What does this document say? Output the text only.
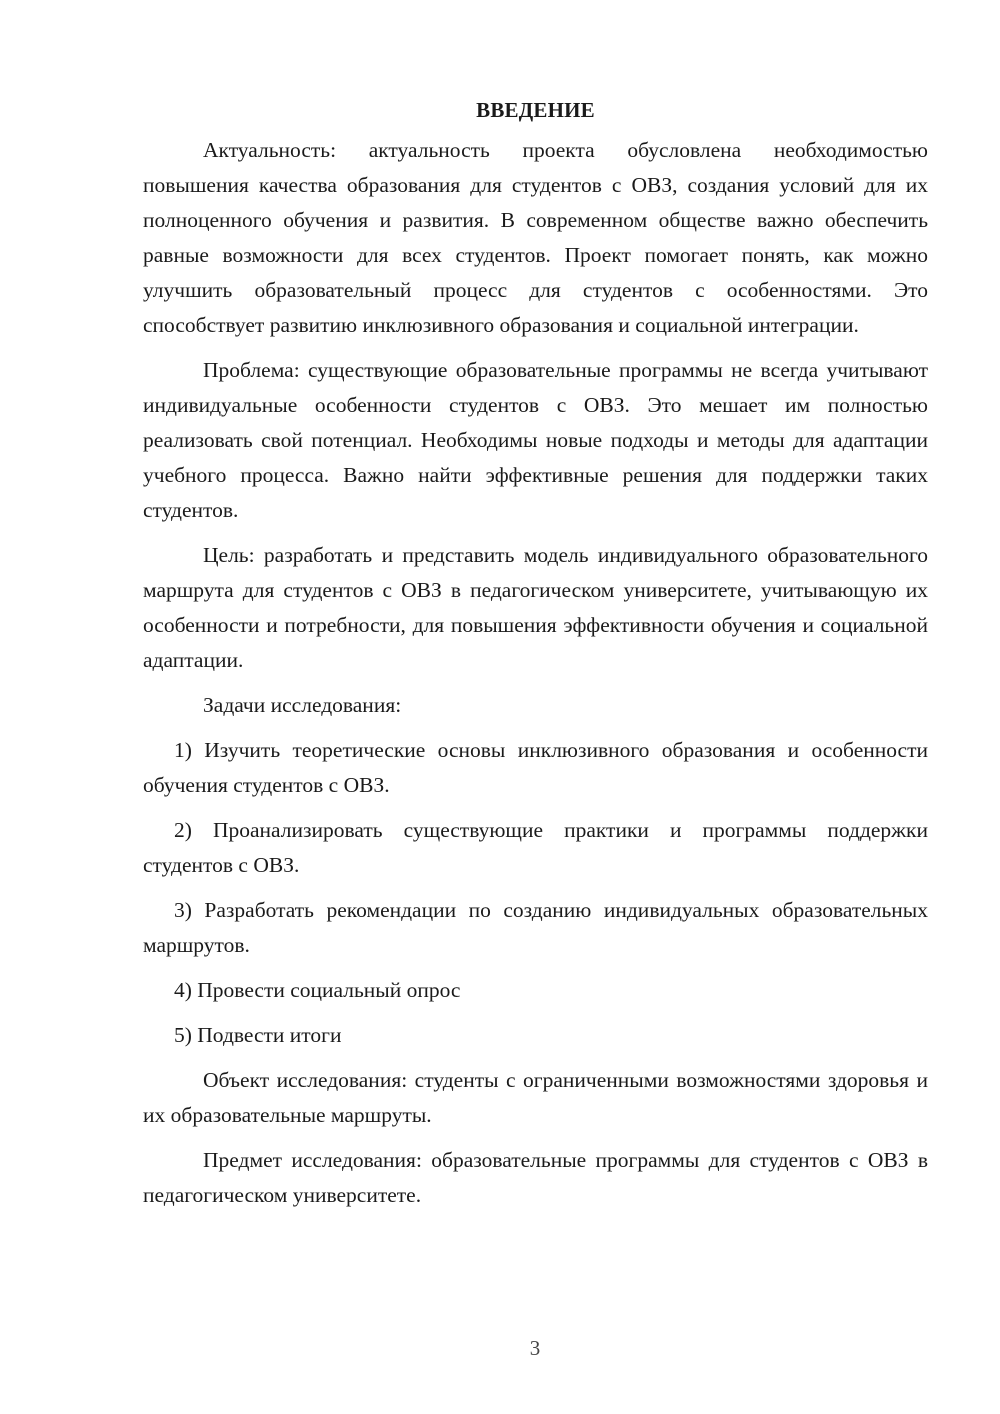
ВВЕДЕНИЕ

Актуальность: актуальность проекта обусловлена необходимостью повышения качества образования для студентов с ОВЗ, создания условий для их полноценного обучения и развития. В современном обществе важно обеспечить равные возможности для всех студентов. Проект помогает понять, как можно улучшить образовательный процесс для студентов с особенностями. Это способствует развитию инклюзивного образования и социальной интеграции.

Проблема: существующие образовательные программы не всегда учитывают индивидуальные особенности студентов с ОВЗ. Это мешает им полностью реализовать свой потенциал. Необходимы новые подходы и методы для адаптации учебного процесса. Важно найти эффективные решения для поддержки таких студентов.

Цель: разработать и представить модель индивидуального образовательного маршрута для студентов с ОВЗ в педагогическом университете, учитывающую их особенности и потребности, для повышения эффективности обучения и социальной адаптации.

Задачи исследования:

1) Изучить теоретические основы инклюзивного образования и особенности обучения студентов с ОВЗ.

2) Проанализировать существующие практики и программы поддержки студентов с ОВЗ.

3) Разработать рекомендации по созданию индивидуальных образовательных маршрутов.

4) Провести социальный опрос

5) Подвести итоги

Объект исследования: студенты с ограниченными возможностями здоровья и их образовательные маршруты.

Предмет исследования: образовательные программы для студентов с ОВЗ в педагогическом университете.

3
